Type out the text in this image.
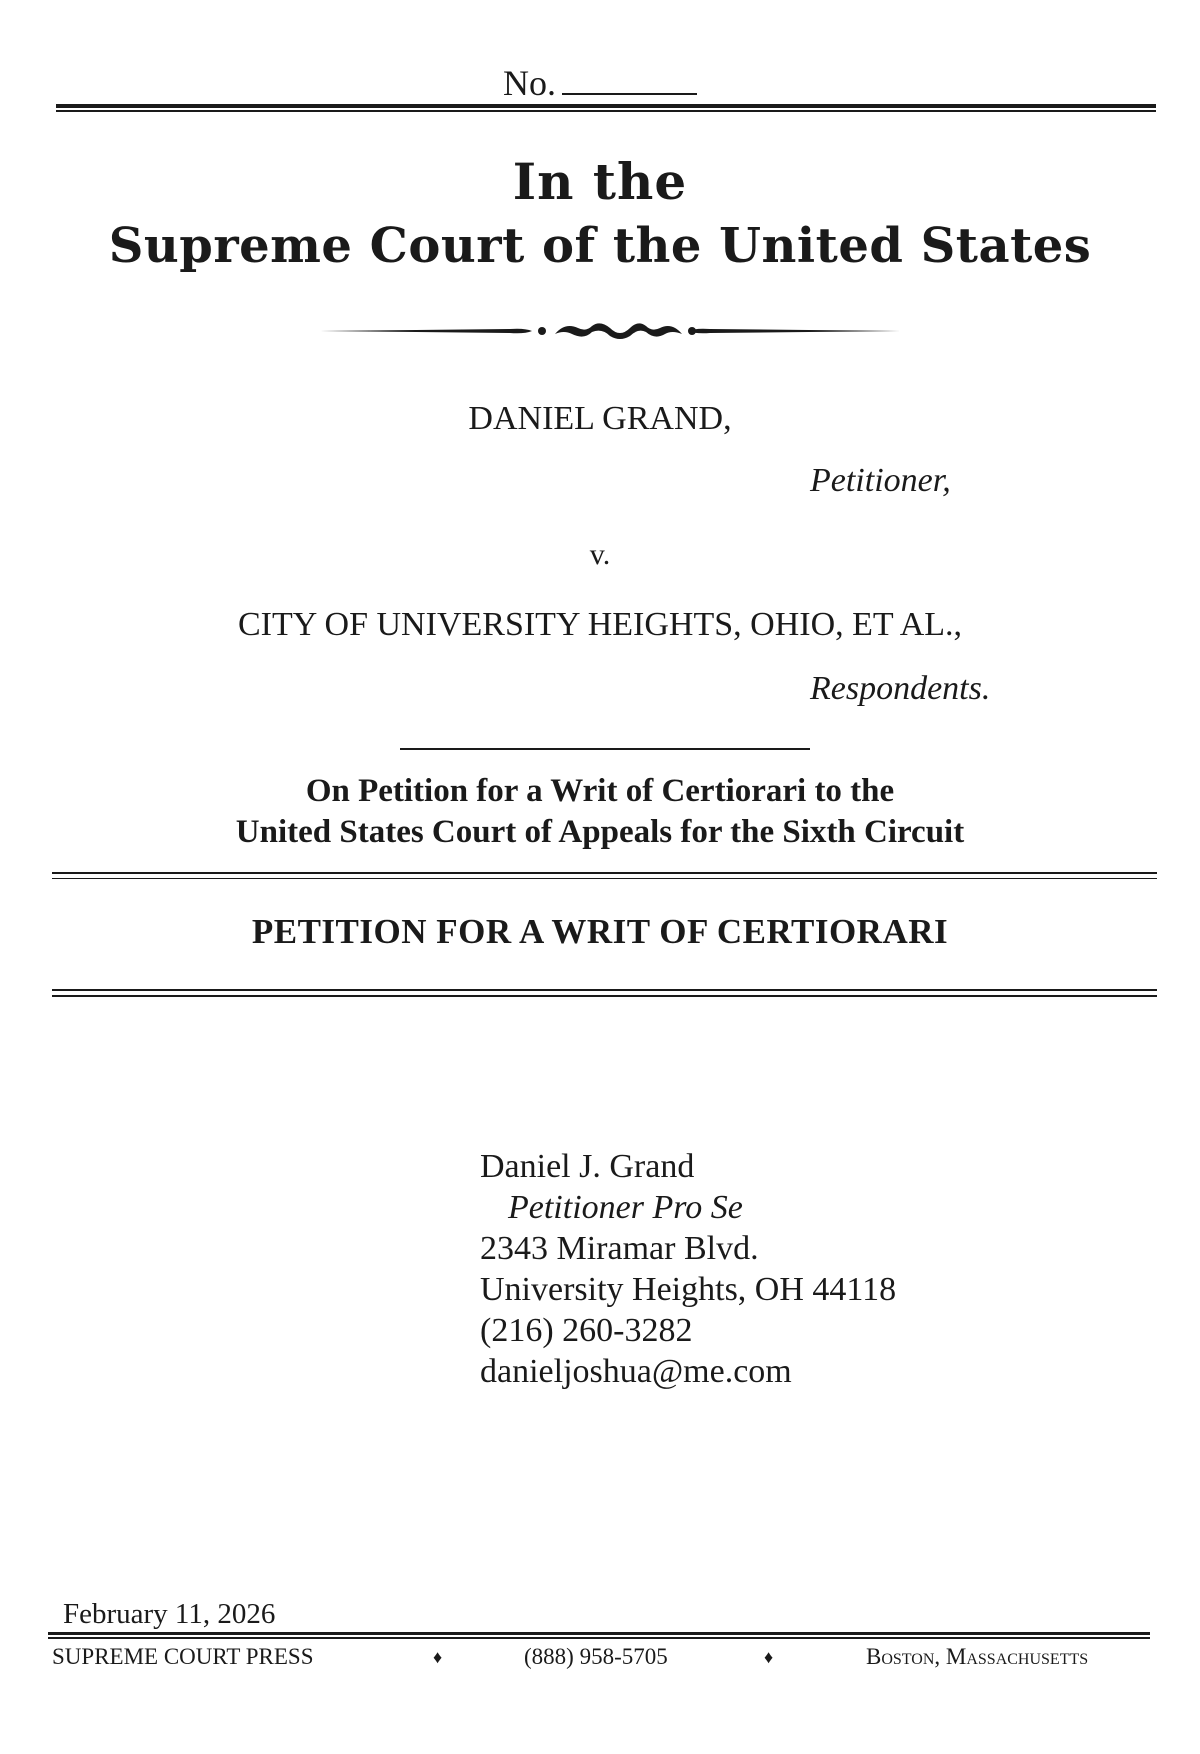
No.
In the
Supreme Court of the United States
DANIEL GRAND,
Petitioner,
v.
CITY OF UNIVERSITY HEIGHTS, OHIO, ET AL.,
Respondents.
On Petition for a Writ of Certiorari to the
United States Court of Appeals for the Sixth Circuit
PETITION FOR A WRIT OF CERTIORARI
Daniel J. Grand
Petitioner Pro Se
2343 Miramar Blvd.
University Heights, OH 44118
(216) 260-3282
danieljoshua@me.com
February 11, 2026
SUPREME COURT PRESS	♦	(888) 958-5705	♦	Boston, Massachusetts
